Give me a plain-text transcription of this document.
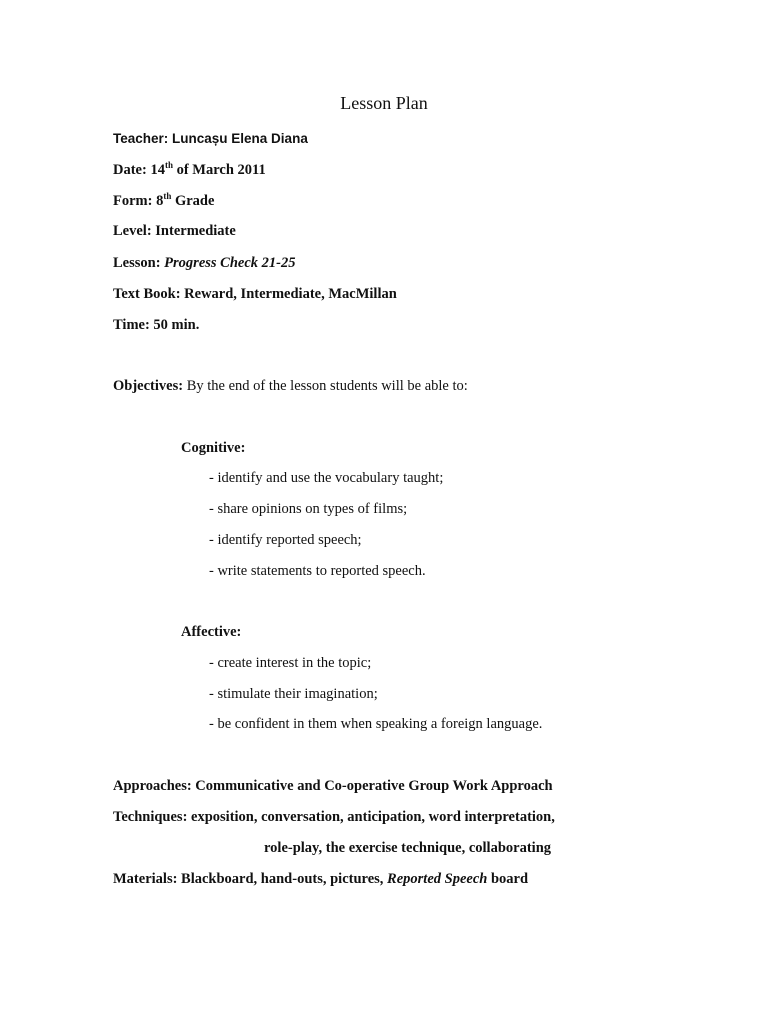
Lesson Plan
Teacher: Luncașu Elena Diana
Date: 14th of March 2011
Form: 8th Grade
Level: Intermediate
Lesson: Progress Check 21-25
Text Book: Reward, Intermediate, MacMillan
Time: 50 min.
Objectives: By the end of the lesson students will be able to:
Cognitive:
- identify and use the vocabulary taught;
- share opinions on types of films;
- identify reported speech;
- write statements to reported speech.
Affective:
- create interest in the topic;
- stimulate their imagination;
- be confident in them when speaking a foreign language.
Approaches: Communicative and Co-operative Group Work Approach
Techniques: exposition, conversation, anticipation, word interpretation,
role-play, the exercise technique, collaborating
Materials: Blackboard, hand-outs, pictures, Reported Speech board
